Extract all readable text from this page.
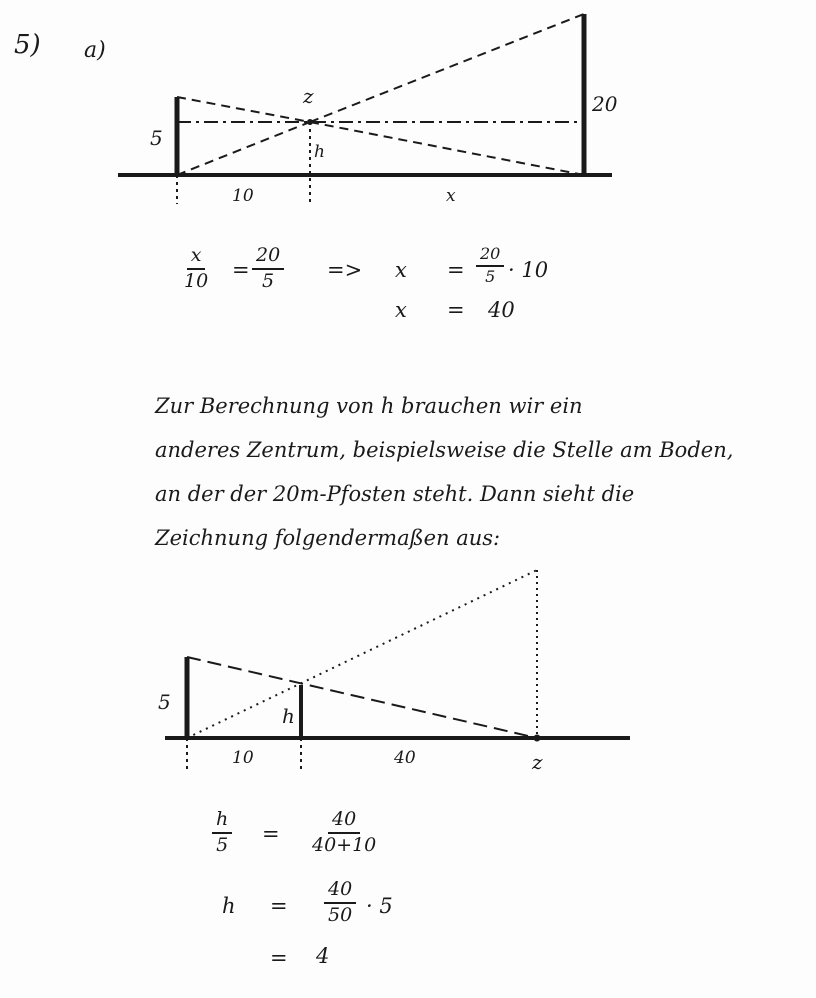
5) a)
5
20
z
h
10	x
$\frac{x}{10} = \frac{20}{5} => x = \frac{20}{5} \cdot 10$
x = 40

Zur Berechnung von h brauchen wir ein

anderes Zentrum, beispielsweise die Stelle am Boden,

an der der 20m-Pfosten steht. Dann sieht die

Zeichnung folgendermaßen aus:

5
h
10	40	z
$\frac{h}{5} = \frac{40}{40+10}$
$h = \frac{40}{50} \cdot 5$
= 4
